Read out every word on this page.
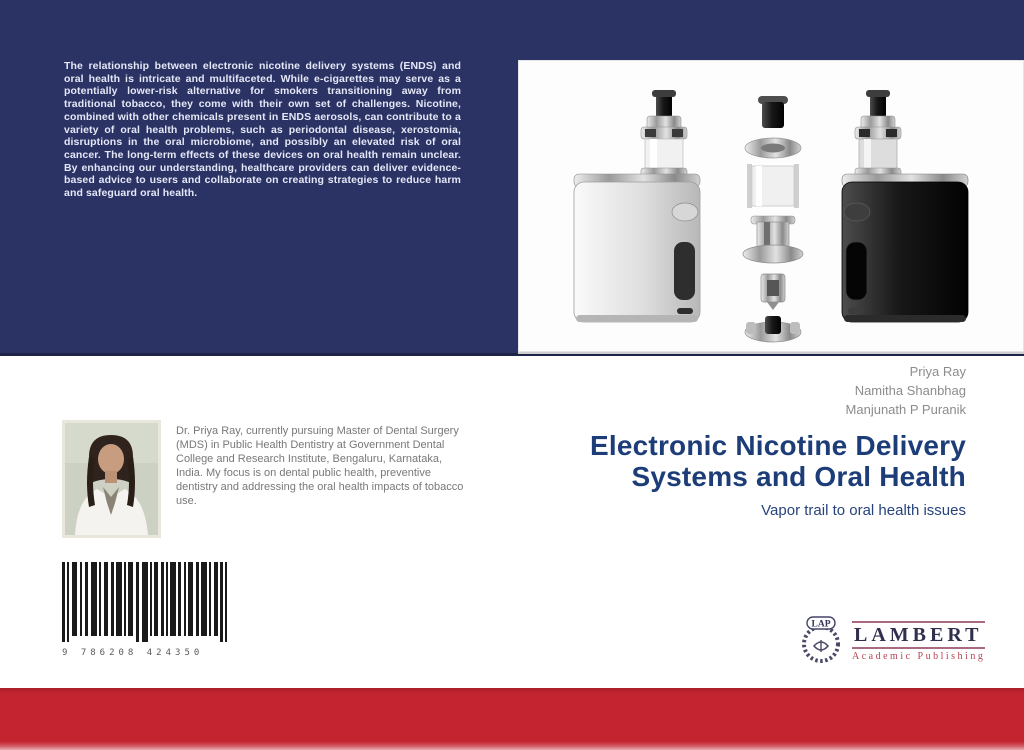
The relationship between electronic nicotine delivery systems (ENDS) and oral health is intricate and multifaceted. While e-cigarettes may serve as a potentially lower-risk alternative for smokers transitioning away from traditional tobacco, they come with their own set of challenges. Nicotine, combined with other chemicals present in ENDS aerosols, can contribute to a variety of oral health problems, such as periodontal disease, xerostomia, disruptions in the oral microbiome, and possibly an elevated risk of oral cancer. The long-term effects of these devices on oral health remain unclear. By enhancing our understanding, healthcare providers can deliver evidence-based advice to users and collaborate on creating strategies to reduce harm and safeguard oral health.
Priya Ray
Namitha Shanbhag
Manjunath P Puranik
Dr. Priya Ray, currently pursuing Master of Dental Surgery (MDS) in Public Health Dentistry at Government Dental College and Research Institute, Bengaluru, Karnataka, India. My focus is on dental public health, preventive dentistry and addressing the oral health impacts of tobacco use.
Electronic Nicotine Delivery
Systems and Oral Health
Vapor trail to oral health issues
9 786208 424350
LAP LAMBERT
Academic Publishing
